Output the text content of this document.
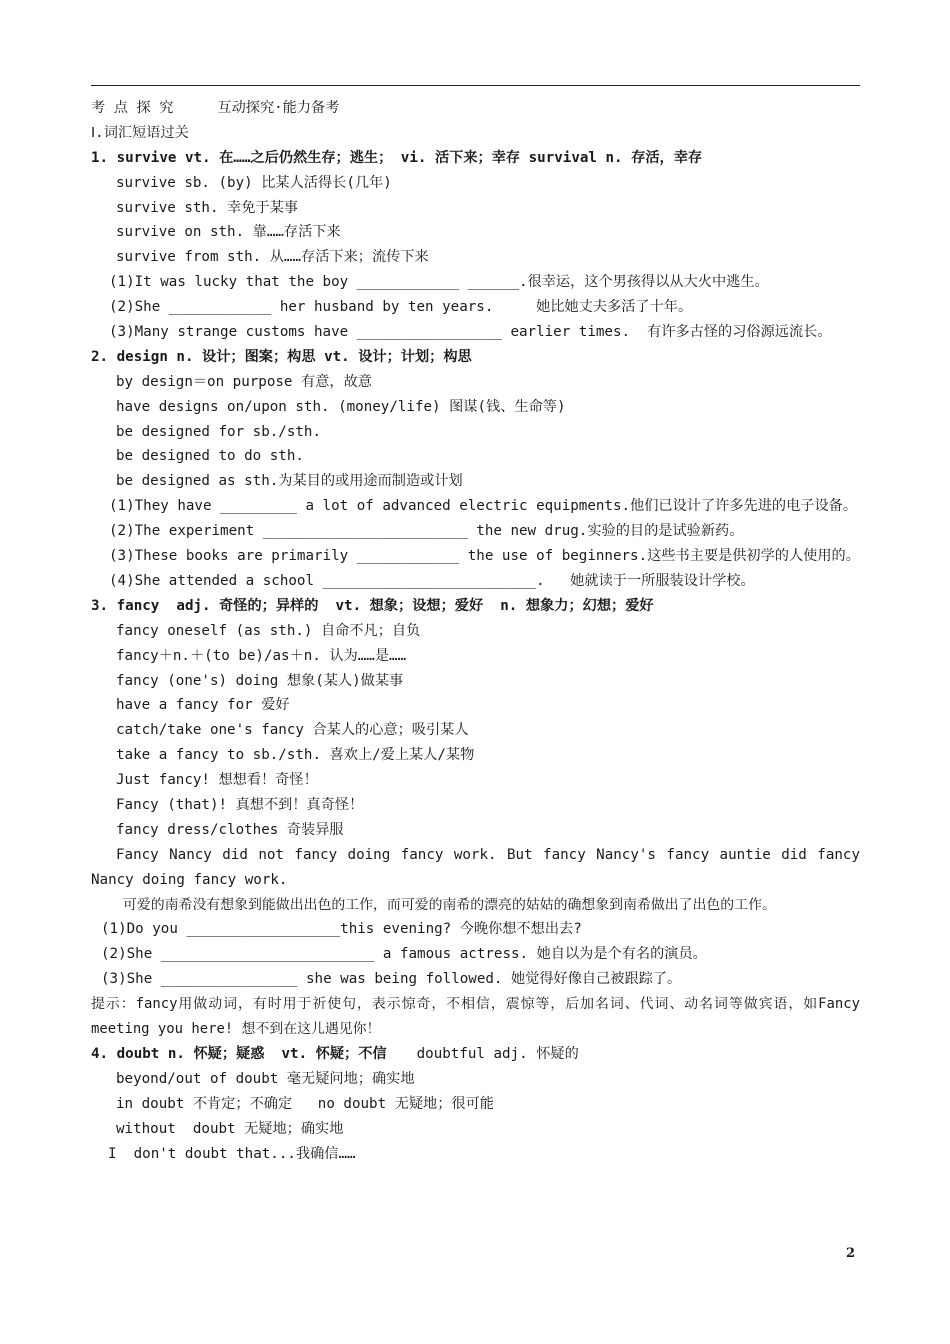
考 点 探 究	互动探究·能力备考
Ⅰ.词汇短语过关
1. survive vt. 在……之后仍然生存；逃生； vi. 活下来；幸存 survival n. 存活，幸存
survive sb. (by) 比某人活得长(几年)
survive sth. 幸免于某事
survive on sth. 靠……存活下来
survive from sth. 从……存活下来；流传下来
(1)It was lucky that the boy ____________ ______.很幸运，这个男孩得以从大火中逃生。
(2)She ____________ her husband by ten years.     她比她丈夫多活了十年。
(3)Many strange customs have _________________ earlier times.  有许多古怪的习俗源远流长。
2. design n. 设计；图案；构思 vt. 设计；计划；构思
by design＝on purpose 有意，故意
have designs on/upon sth. (money/life) 图谋(钱、生命等)
be designed for sb./sth.
be designed to do sth.
be designed as sth.为某目的或用途而制造或计划
(1)They have _________ a lot of advanced electric equipments.他们已设计了许多先进的电子设备。
(2)The experiment ________________________ the new drug.实验的目的是试验新药。
(3)These books are primarily ____________ the use of beginners.这些书主要是供初学的人使用的。
(4)She attended a school _________________________.   她就读于一所服装设计学校。
3. fancy  adj. 奇怪的；异样的  vt. 想象；设想；爱好  n. 想象力；幻想；爱好
fancy oneself (as sth.) 自命不凡；自负
fancy＋n.＋(to be)/as＋n. 认为……是……
fancy (one's) doing 想象(某人)做某事
have a fancy for 爱好
catch/take one's fancy 合某人的心意；吸引某人
take a fancy to sb./sth. 喜欢上/爱上某人/某物
Just fancy! 想想看！奇怪！
Fancy (that)! 真想不到！真奇怪！
fancy dress/clothes 奇装异服
Fancy Nancy did not fancy doing fancy work. But fancy Nancy's fancy auntie did fancy Nancy doing fancy work.
可爱的南希没有想象到能做出出色的工作，而可爱的南希的漂亮的姑姑的确想象到南希做出了出色的工作。
(1)Do you __________________this evening? 今晚你想不想出去?
(2)She _________________________ a famous actress. 她自以为是个有名的演员。
(3)She ________________ she was being followed. 她觉得好像自己被跟踪了。
提示：fancy用做动词，有时用于祈使句，表示惊奇，不相信，震惊等，后加名词、代词、动名词等做宾语，如Fancy meeting you here! 想不到在这儿遇见你！
4. doubt n. 怀疑；疑惑  vt. 怀疑；不信 doubtful adj. 怀疑的
beyond/out of doubt 毫无疑问地；确实地
in doubt 不肯定；不确定   no doubt 无疑地；很可能
without  doubt 无疑地；确实地
I  don't doubt that...我确信……
2
